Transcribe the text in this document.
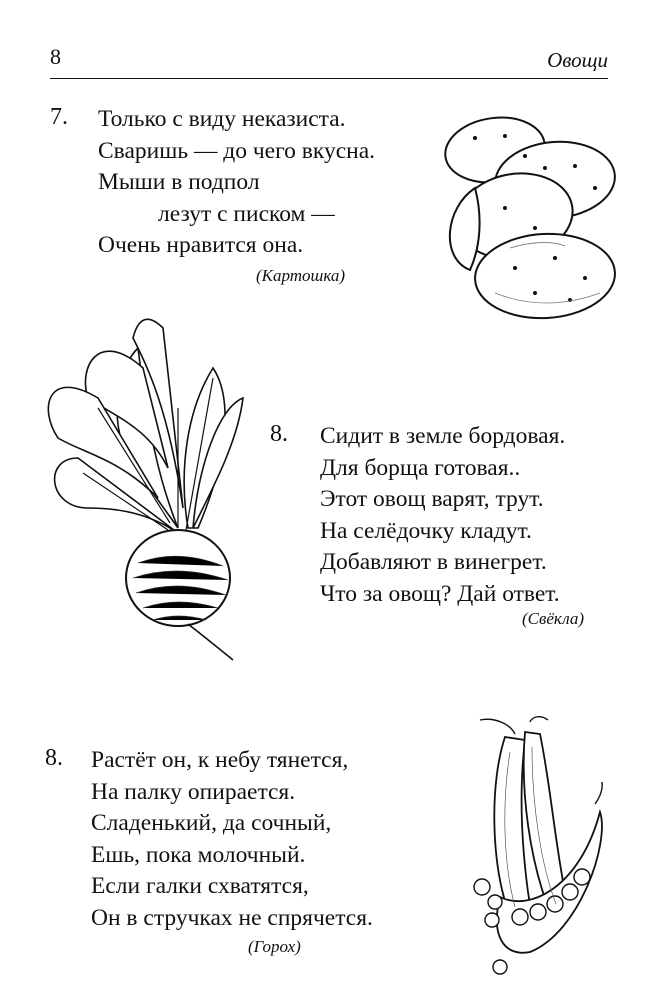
8	Овощи
7. Только с виду неказиста.
Сваришь — до чего вкусна.
Мыши в подпол
лезут с писком —
Очень нравится она.
(Картошка)
8. Сидит в земле бордовая.
Для борща готовая..
Этот овощ варят, трут.
На селёдочку кладут.
Добавляют в винегрет.
Что за овощ? Дай ответ.
(Свёкла)
8. Растёт он, к небу тянется,
На палку опирается.
Сладенький, да сочный,
Ешь, пока молочный.
Если галки схватятся,
Он в стручках не спрячется.
(Горох)
